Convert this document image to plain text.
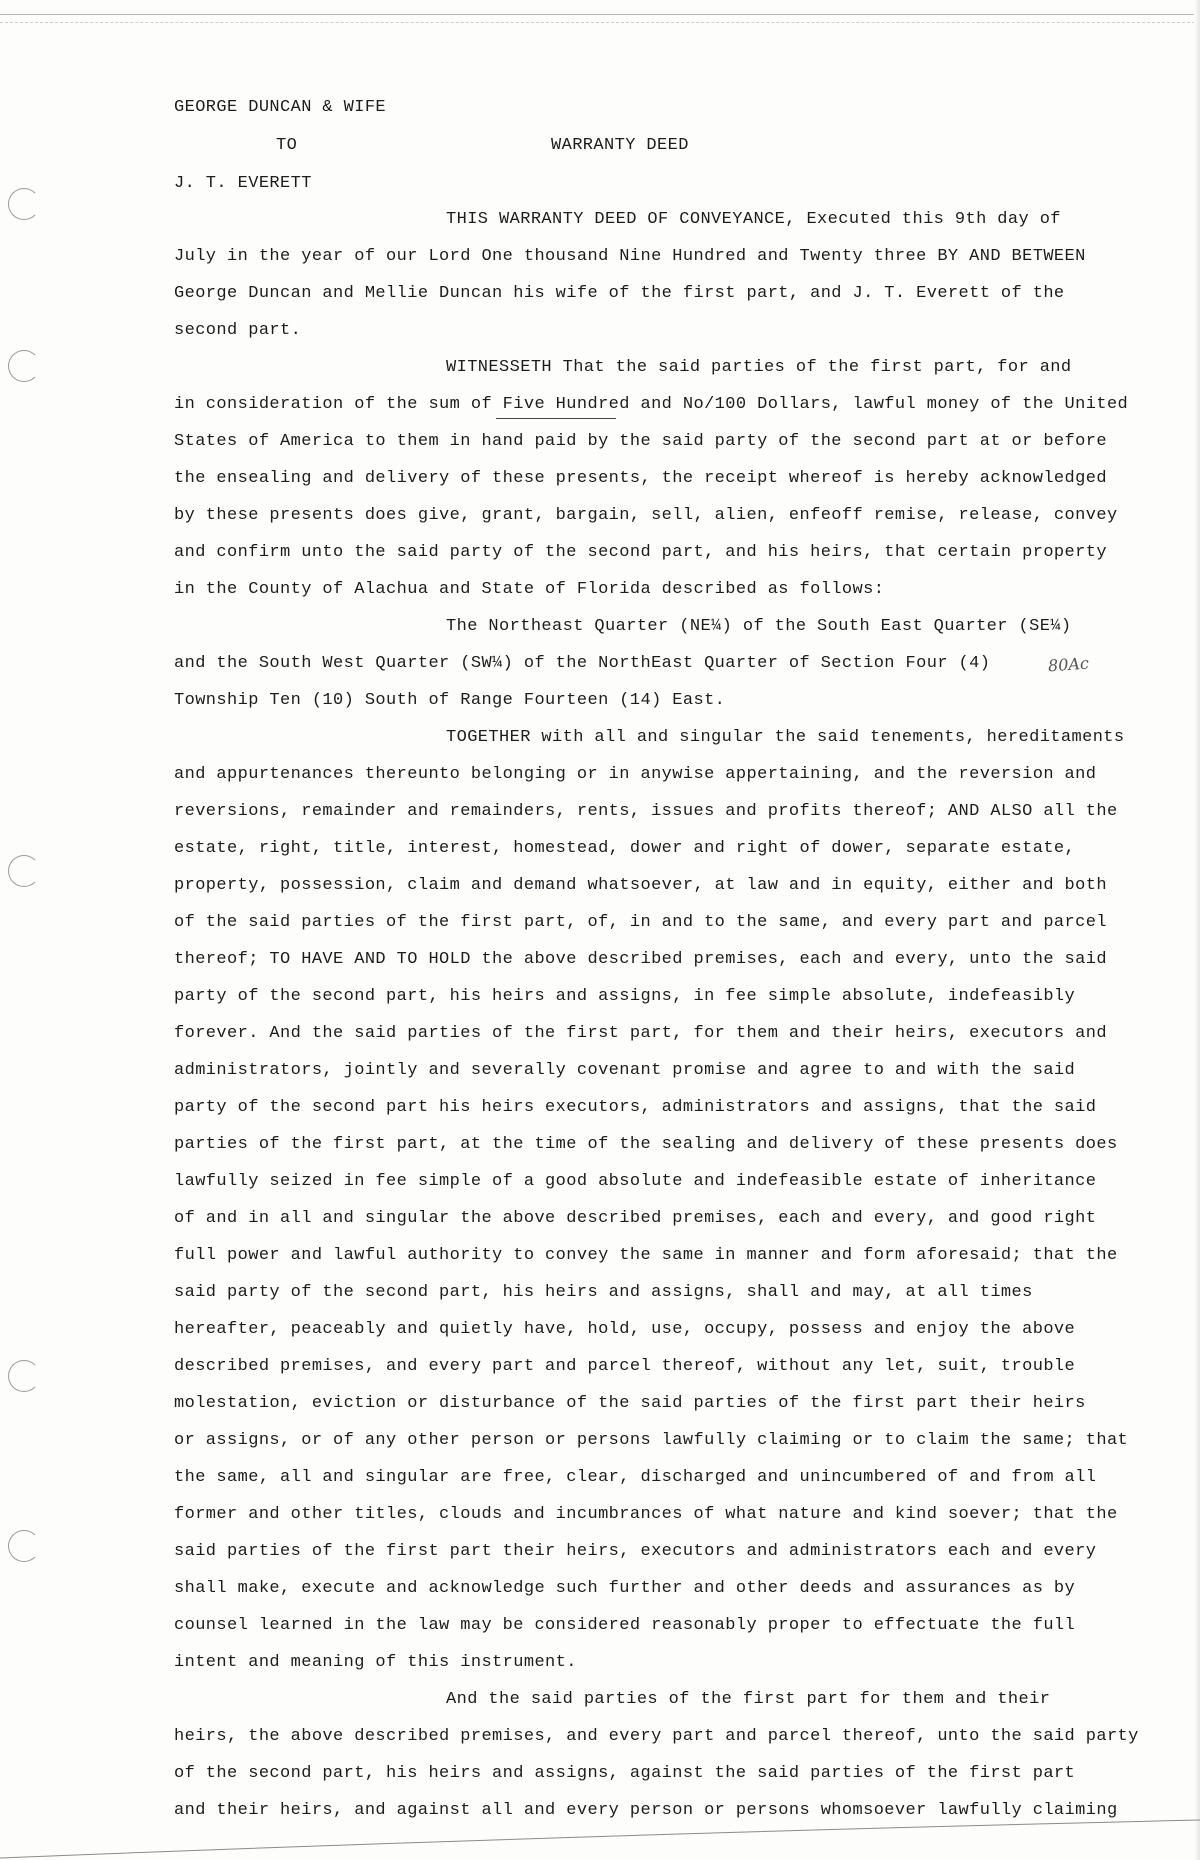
GEORGE DUNCAN & WIFE
TO	WARRANTY DEED
J. T. EVERETT
THIS WARRANTY DEED OF CONVEYANCE, Executed this 9th day of
July in the year of our Lord One thousand Nine Hundred and Twenty three BY AND BETWEEN
George Duncan and Mellie Duncan his wife of the first part, and J. T. Everett of the
second part.
WITNESSETH That the said parties of the first part, for and
in consideration of the sum of Five Hundred and No/100 Dollars, lawful money of the United
States of America to them in hand paid by the said party of the second part at or before
the ensealing and delivery of these presents, the receipt whereof is hereby acknowledged
by these presents does give, grant, bargain, sell, alien, enfeoff remise, release, convey
and confirm unto the said party of the second part, and his heirs, that certain property
in the County of Alachua and State of Florida described as follows:
The Northeast Quarter (NE¼) of the South East Quarter (SE¼)
and the South West Quarter (SW¼) of the NorthEast Quarter of Section Four (4)	80Ac
Township Ten (10) South of Range Fourteen (14) East.
TOGETHER with all and singular the said tenements, hereditaments
and appurtenances thereunto belonging or in anywise appertaining, and the reversion and
reversions, remainder and remainders, rents, issues and profits thereof; AND ALSO all the
estate, right, title, interest, homestead, dower and right of dower, separate estate,
property, possession, claim and demand whatsoever, at law and in equity, either and both
of the said parties of the first part, of, in and to the same, and every part and parcel
thereof; TO HAVE AND TO HOLD the above described premises, each and every, unto the said
party of the second part, his heirs and assigns, in fee simple absolute, indefeasibly
forever. And the said parties of the first part, for them and their heirs, executors and
administrators, jointly and severally covenant promise and agree to and with the said
party of the second part his heirs executors, administrators and assigns, that the said
parties of the first part, at the time of the sealing and delivery of these presents does
lawfully seized in fee simple of a good absolute and indefeasible estate of inheritance
of and in all and singular the above described premises, each and every, and good right
full power and lawful authority to convey the same in manner and form aforesaid; that the
said party of the second part, his heirs and assigns, shall and may, at all times
hereafter, peaceably and quietly have, hold, use, occupy, possess and enjoy the above
described premises, and every part and parcel thereof, without any let, suit, trouble
molestation, eviction or disturbance of the said parties of the first part their heirs
or assigns, or of any other person or persons lawfully claiming or to claim the same; that
the same, all and singular are free, clear, discharged and unincumbered of and from all
former and other titles, clouds and incumbrances of what nature and kind soever; that the
said parties of the first part their heirs, executors and administrators each and every
shall make, execute and acknowledge such further and other deeds and assurances as by
counsel learned in the law may be considered reasonably proper to effectuate the full
intent and meaning of this instrument.
And the said parties of the first part for them and their
heirs, the above described premises, and every part and parcel thereof, unto the said party
of the second part, his heirs and assigns, against the said parties of the first part
and their heirs, and against all and every person or persons whomsoever lawfully claiming
